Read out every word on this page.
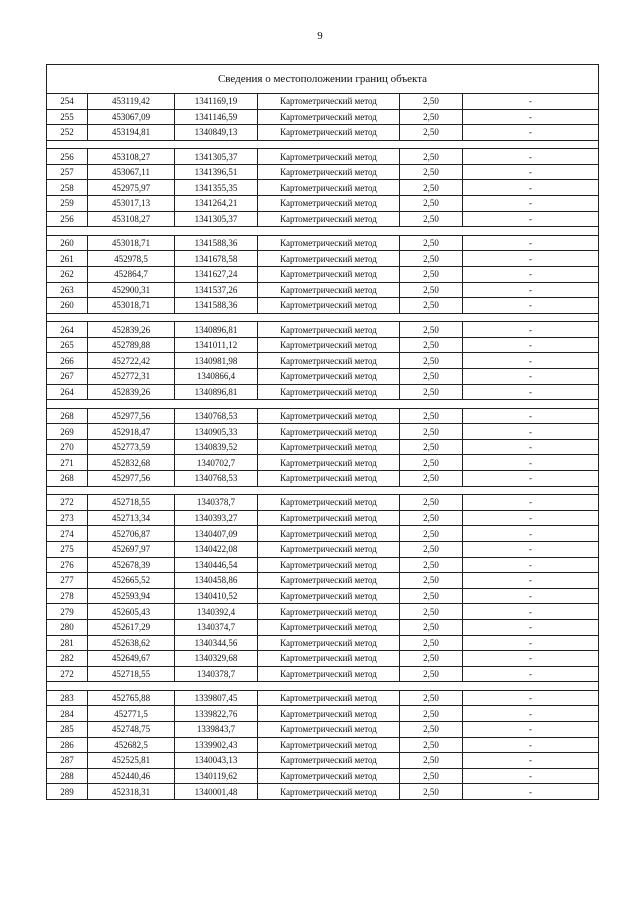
9
Сведения о местоположении границ объекта					
254	453119,42	1341169,19	Картометрический метод	2,50	-
255	453067,09	1341146,59	Картометрический метод	2,50	-
252	453194,81	1340849,13	Картометрический метод	2,50	-

256	453108,27	1341305,37	Картометрический метод	2,50	-
257	453067,11	1341396,51	Картометрический метод	2,50	-
258	452975,97	1341355,35	Картометрический метод	2,50	-
259	453017,13	1341264,21	Картометрический метод	2,50	-
256	453108,27	1341305,37	Картометрический метод	2,50	-

260	453018,71	1341588,36	Картометрический метод	2,50	-
261	452978,5	1341678,58	Картометрический метод	2,50	-
262	452864,7	1341627,24	Картометрический метод	2,50	-
263	452900,31	1341537,26	Картометрический метод	2,50	-
260	453018,71	1341588,36	Картометрический метод	2,50	-

264	452839,26	1340896,81	Картометрический метод	2,50	-
265	452789,88	1341011,12	Картометрический метод	2,50	-
266	452722,42	1340981,98	Картометрический метод	2,50	-
267	452772,31	1340866,4	Картометрический метод	2,50	-
264	452839,26	1340896,81	Картометрический метод	2,50	-

268	452977,56	1340768,53	Картометрический метод	2,50	-
269	452918,47	1340905,33	Картометрический метод	2,50	-
270	452773,59	1340839,52	Картометрический метод	2,50	-
271	452832,68	1340702,7	Картометрический метод	2,50	-
268	452977,56	1340768,53	Картометрический метод	2,50	-

272	452718,55	1340378,7	Картометрический метод	2,50	-
273	452713,34	1340393,27	Картометрический метод	2,50	-
274	452706,87	1340407,09	Картометрический метод	2,50	-
275	452697,97	1340422,08	Картометрический метод	2,50	-
276	452678,39	1340446,54	Картометрический метод	2,50	-
277	452665,52	1340458,86	Картометрический метод	2,50	-
278	452593,94	1340410,52	Картометрический метод	2,50	-
279	452605,43	1340392,4	Картометрический метод	2,50	-
280	452617,29	1340374,7	Картометрический метод	2,50	-
281	452638,62	1340344,56	Картометрический метод	2,50	-
282	452649,67	1340329,68	Картометрический метод	2,50	-
272	452718,55	1340378,7	Картометрический метод	2,50	-

283	452765,88	1339807,45	Картометрический метод	2,50	-
284	452771,5	1339822,76	Картометрический метод	2,50	-
285	452748,75	1339843,7	Картометрический метод	2,50	-
286	452682,5	1339902,43	Картометрический метод	2,50	-
287	452525,81	1340043,13	Картометрический метод	2,50	-
288	452440,46	1340119,62	Картометрический метод	2,50	-
289	452318,31	1340001,48	Картометрический метод	2,50	-
